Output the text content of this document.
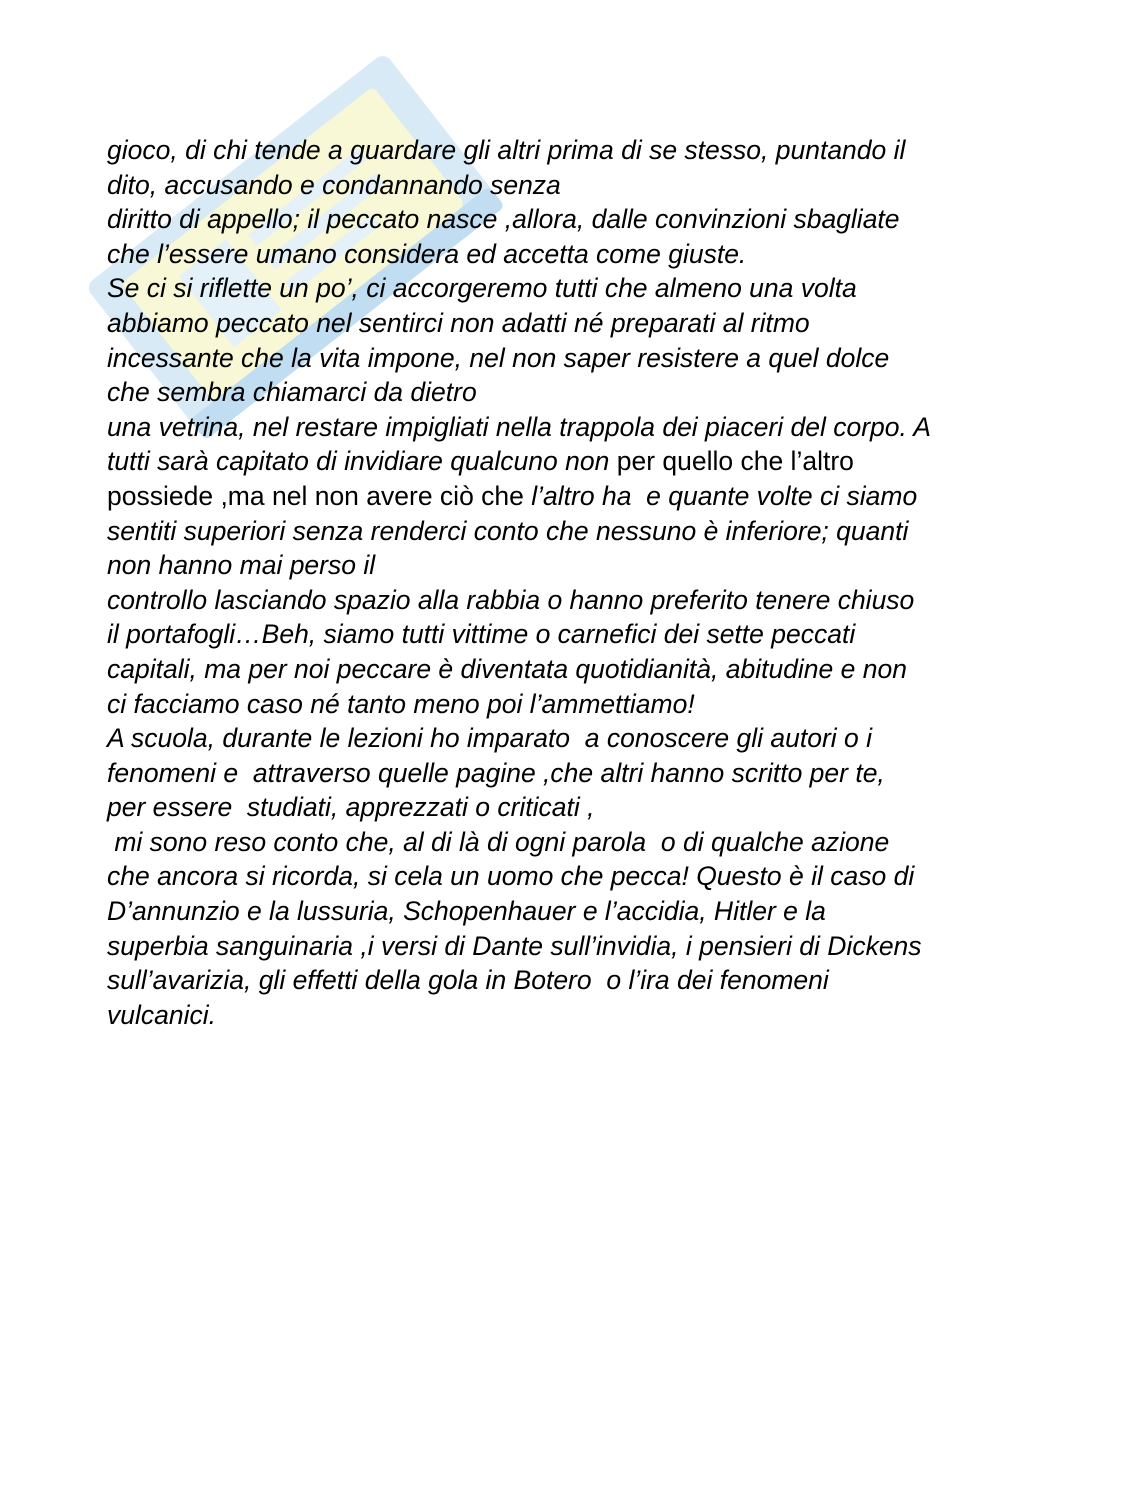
gioco, di chi tende a guardare gli altri prima di se stesso, puntando il
dito, accusando e condannando senza
diritto di appello; il peccato nasce ,allora, dalle convinzioni sbagliate
che l’essere umano considera ed accetta come giuste.
Se ci si riflette un po’, ci accorgeremo tutti che almeno una volta
abbiamo peccato nel sentirci non adatti né preparati al ritmo
incessante che la vita impone, nel non saper resistere a quel dolce
che sembra chiamarci da dietro
una vetrina, nel restare impigliati nella trappola dei piaceri del corpo. A
tutti sarà capitato di invidiare qualcuno non per quello che l’altro
possiede ,ma nel non avere ciò che l’altro ha  e quante volte ci siamo
sentiti superiori senza renderci conto che nessuno è inferiore; quanti
non hanno mai perso il
controllo lasciando spazio alla rabbia o hanno preferito tenere chiuso
il portafogli…Beh, siamo tutti vittime o carnefici dei sette peccati
capitali, ma per noi peccare è diventata quotidianità, abitudine e non
ci facciamo caso né tanto meno poi l’ammettiamo!
A scuola, durante le lezioni ho imparato  a conoscere gli autori o i
fenomeni e  attraverso quelle pagine ,che altri hanno scritto per te,
per essere  studiati, apprezzati o criticati ,
mi sono reso conto che, al di là di ogni parola  o di qualche azione
che ancora si ricorda, si cela un uomo che pecca! Questo è il caso di
D’annunzio e la lussuria, Schopenhauer e l’accidia, Hitler e la
superbia sanguinaria ,i versi di Dante sull’invidia, i pensieri di Dickens
sull’avarizia, gli effetti della gola in Botero  o l’ira dei fenomeni
vulcanici.
